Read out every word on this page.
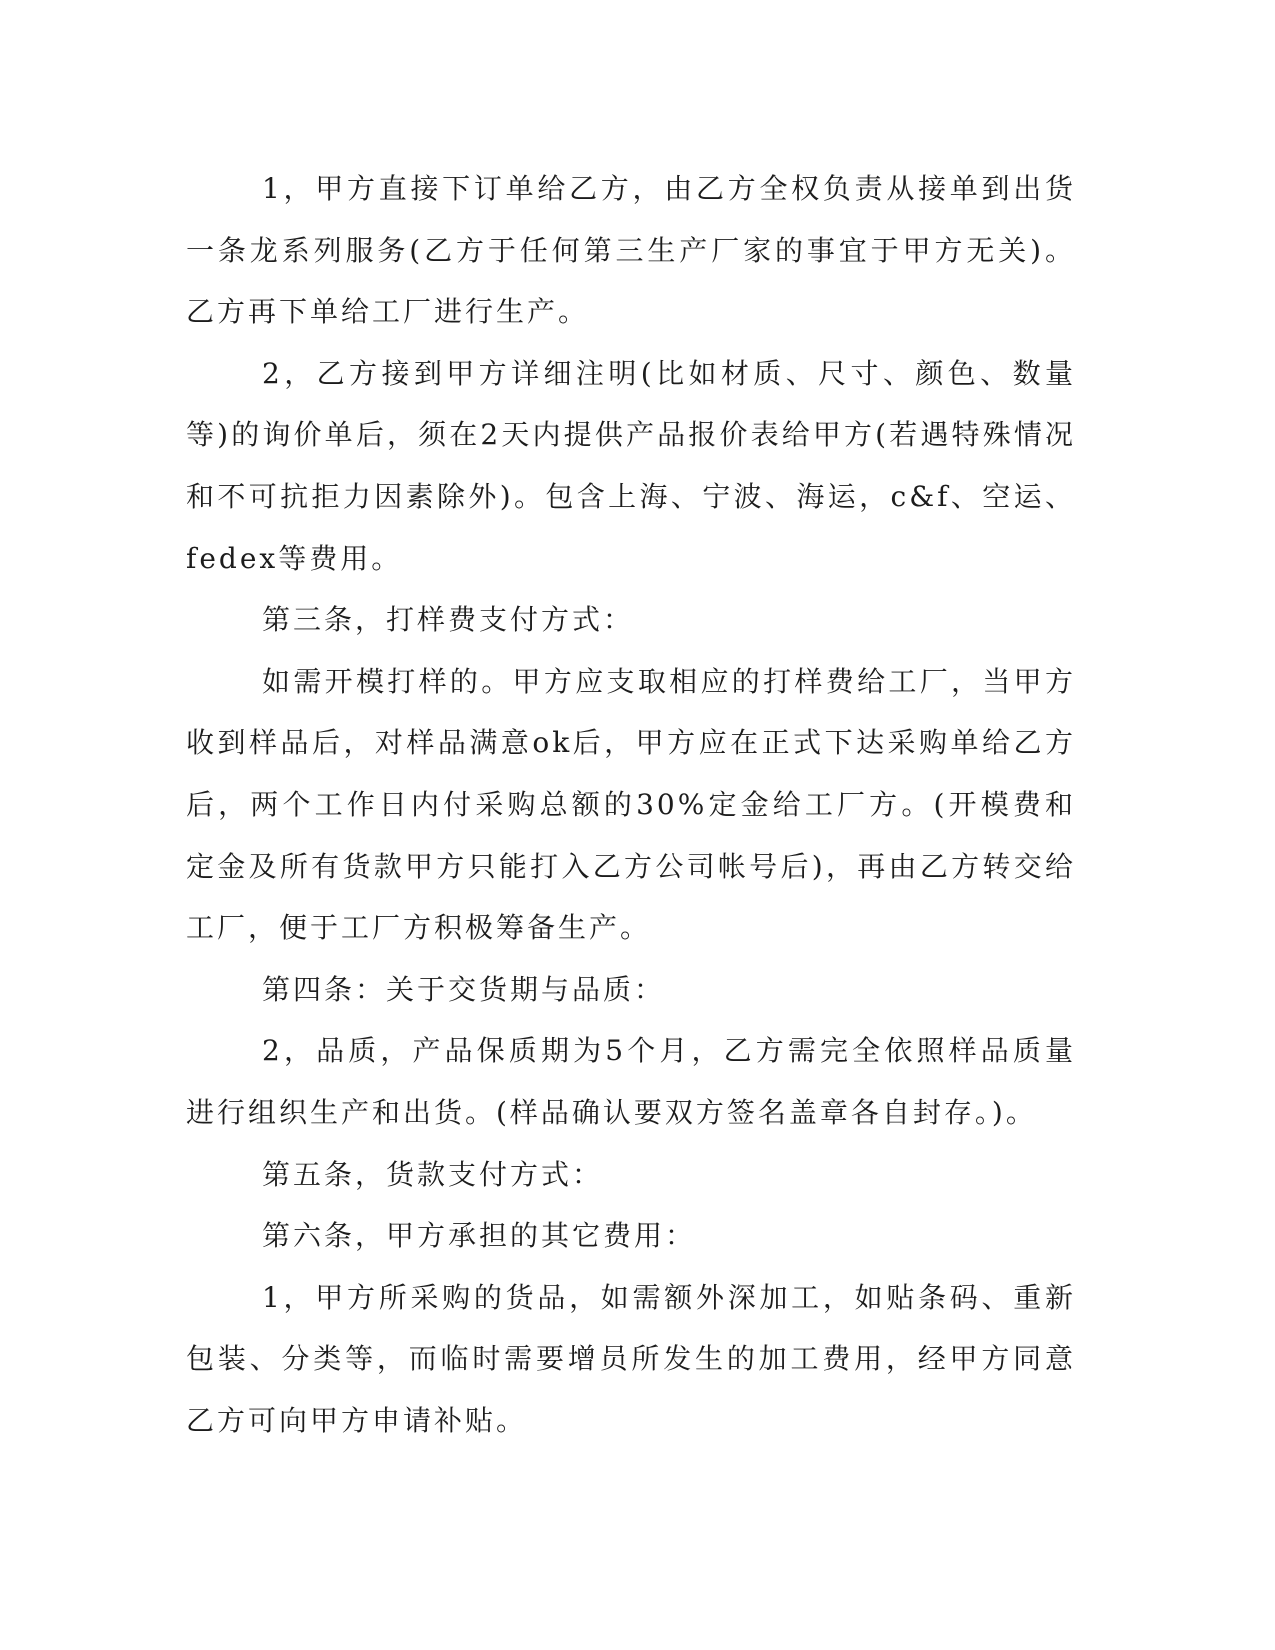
1，甲方直接下订单给乙方，由乙方全权负责从接单到出货一条龙系列服务(乙方于任何第三生产厂家的事宜于甲方无关)。乙方再下单给工厂进行生产。

2，乙方接到甲方详细注明(比如材质、尺寸、颜色、数量等)的询价单后，须在2天内提供产品报价表给甲方(若遇特殊情况和不可抗拒力因素除外)。包含上海、宁波、海运，c&f、空运、fedex等费用。

第三条，打样费支付方式：

如需开模打样的。甲方应支取相应的打样费给工厂，当甲方收到样品后，对样品满意ok后，甲方应在正式下达采购单给乙方后，两个工作日内付采购总额的30%定金给工厂方。(开模费和定金及所有货款甲方只能打入乙方公司帐号后)，再由乙方转交给工厂，便于工厂方积极筹备生产。

第四条：关于交货期与品质：

2，品质，产品保质期为5个月，乙方需完全依照样品质量进行组织生产和出货。(样品确认要双方签名盖章各自封存。)。

第五条，货款支付方式：

第六条，甲方承担的其它费用：

1，甲方所采购的货品，如需额外深加工，如贴条码、重新包装、分类等，而临时需要增员所发生的加工费用，经甲方同意乙方可向甲方申请补贴。
